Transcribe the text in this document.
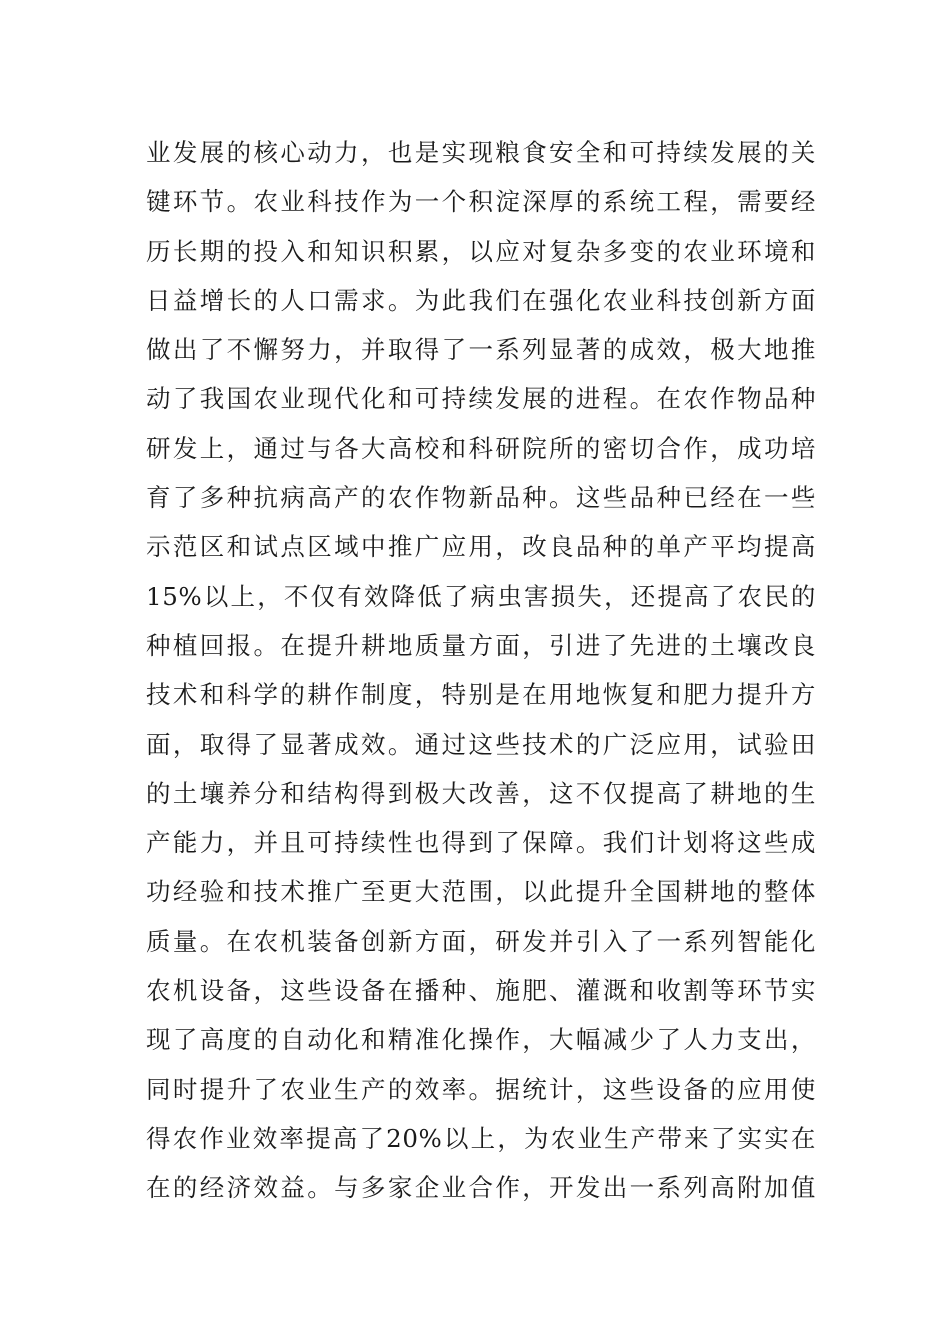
业发展的核心动力，也是实现粮食安全和可持续发展的关
键环节。农业科技作为一个积淀深厚的系统工程，需要经
历长期的投入和知识积累，以应对复杂多变的农业环境和
日益增长的人口需求。为此我们在强化农业科技创新方面
做出了不懈努力，并取得了一系列显著的成效，极大地推
动了我国农业现代化和可持续发展的进程。在农作物品种
研发上，通过与各大高校和科研院所的密切合作，成功培
育了多种抗病高产的农作物新品种。这些品种已经在一些
示范区和试点区域中推广应用，改良品种的单产平均提高
15%以上，不仅有效降低了病虫害损失，还提高了农民的
种植回报。在提升耕地质量方面，引进了先进的土壤改良
技术和科学的耕作制度，特别是在用地恢复和肥力提升方
面，取得了显著成效。通过这些技术的广泛应用，试验田
的土壤养分和结构得到极大改善，这不仅提高了耕地的生
产能力，并且可持续性也得到了保障。我们计划将这些成
功经验和技术推广至更大范围，以此提升全国耕地的整体
质量。在农机装备创新方面，研发并引入了一系列智能化
农机设备，这些设备在播种、施肥、灌溉和收割等环节实
现了高度的自动化和精准化操作，大幅减少了人力支出，
同时提升了农业生产的效率。据统计，这些设备的应用使
得农作业效率提高了20%以上，为农业生产带来了实实在
在的经济效益。与多家企业合作，开发出一系列高附加值
